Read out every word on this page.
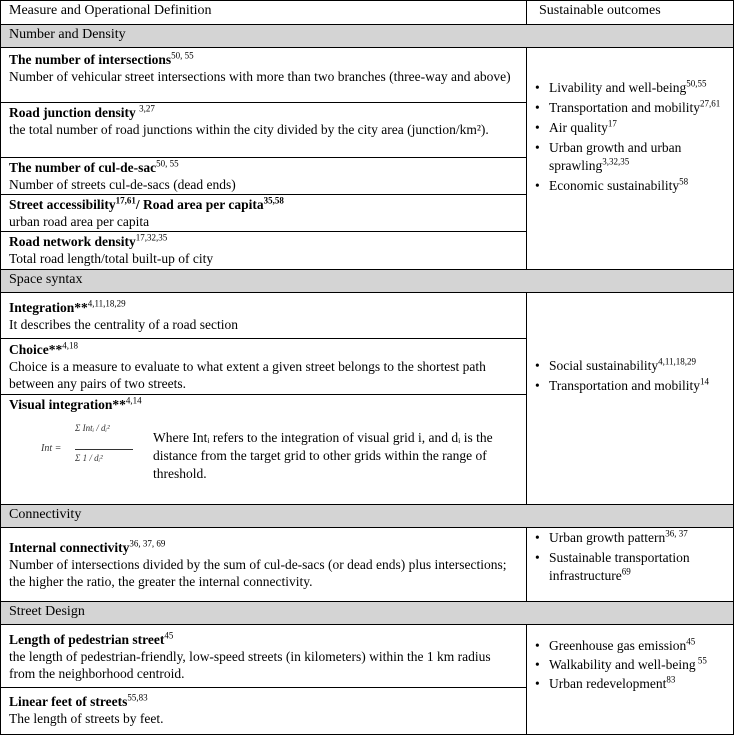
Measure and Operational Definition	Sustainable outcomes
Number and Density
The number of intersections$^{50, 55}$
Number of vehicular street intersections with more than two branches (three-way and above)
Road junction density $^{3,27}$
the total number of road junctions within the city divided by the city area (junction/km²).
The number of cul-de-sac$^{50, 55}$
Number of streets cul-de-sacs (dead ends)
Street accessibility$^{17,61}$/ Road area per capita$^{35,58}$
urban road area per capita
Road network density$^{17,32,35}$
Total road length/total built-up of city
• Livability and well-being$^{50,55}$
• Transportation and mobility$^{27,61}$
• Air quality$^{17}$
• Urban growth and urban sprawling$^{3,32,35}$
• Economic sustainability$^{58}$
Space syntax
Integration**$^{4,11,18,29}$
It describes the centrality of a road section
Choice**$^{4,18}$
Choice is a measure to evaluate to what extent a given street belongs to the shortest path between any pairs of two streets.
Visual integration**$^{4,14}$
Int =
Σ Intᵢ / dᵢ²
Σ 1 / dᵢ²
Where Intᵢ refers to the integration of visual grid i, and dᵢ is the distance from the target grid to other grids within the range of threshold.
• Social sustainability$^{4,11,18,29}$
• Transportation and mobility$^{14}$
Connectivity
Internal connectivity$^{36, 37, 69}$
Number of intersections divided by the sum of cul-de-sacs (or dead ends) plus intersections; the higher the ratio, the greater the internal connectivity.
• Urban growth pattern$^{36, 37}$
• Sustainable transportation infrastructure$^{69}$
Street Design
Length of pedestrian street$^{45}$
the length of pedestrian-friendly, low-speed streets (in kilometers) within the 1 km radius from the neighborhood centroid.
Linear feet of streets$^{55,83}$
The length of streets by feet.
• Greenhouse gas emission$^{45}$
• Walkability and well-being $^{55}$
• Urban redevelopment$^{83}$
